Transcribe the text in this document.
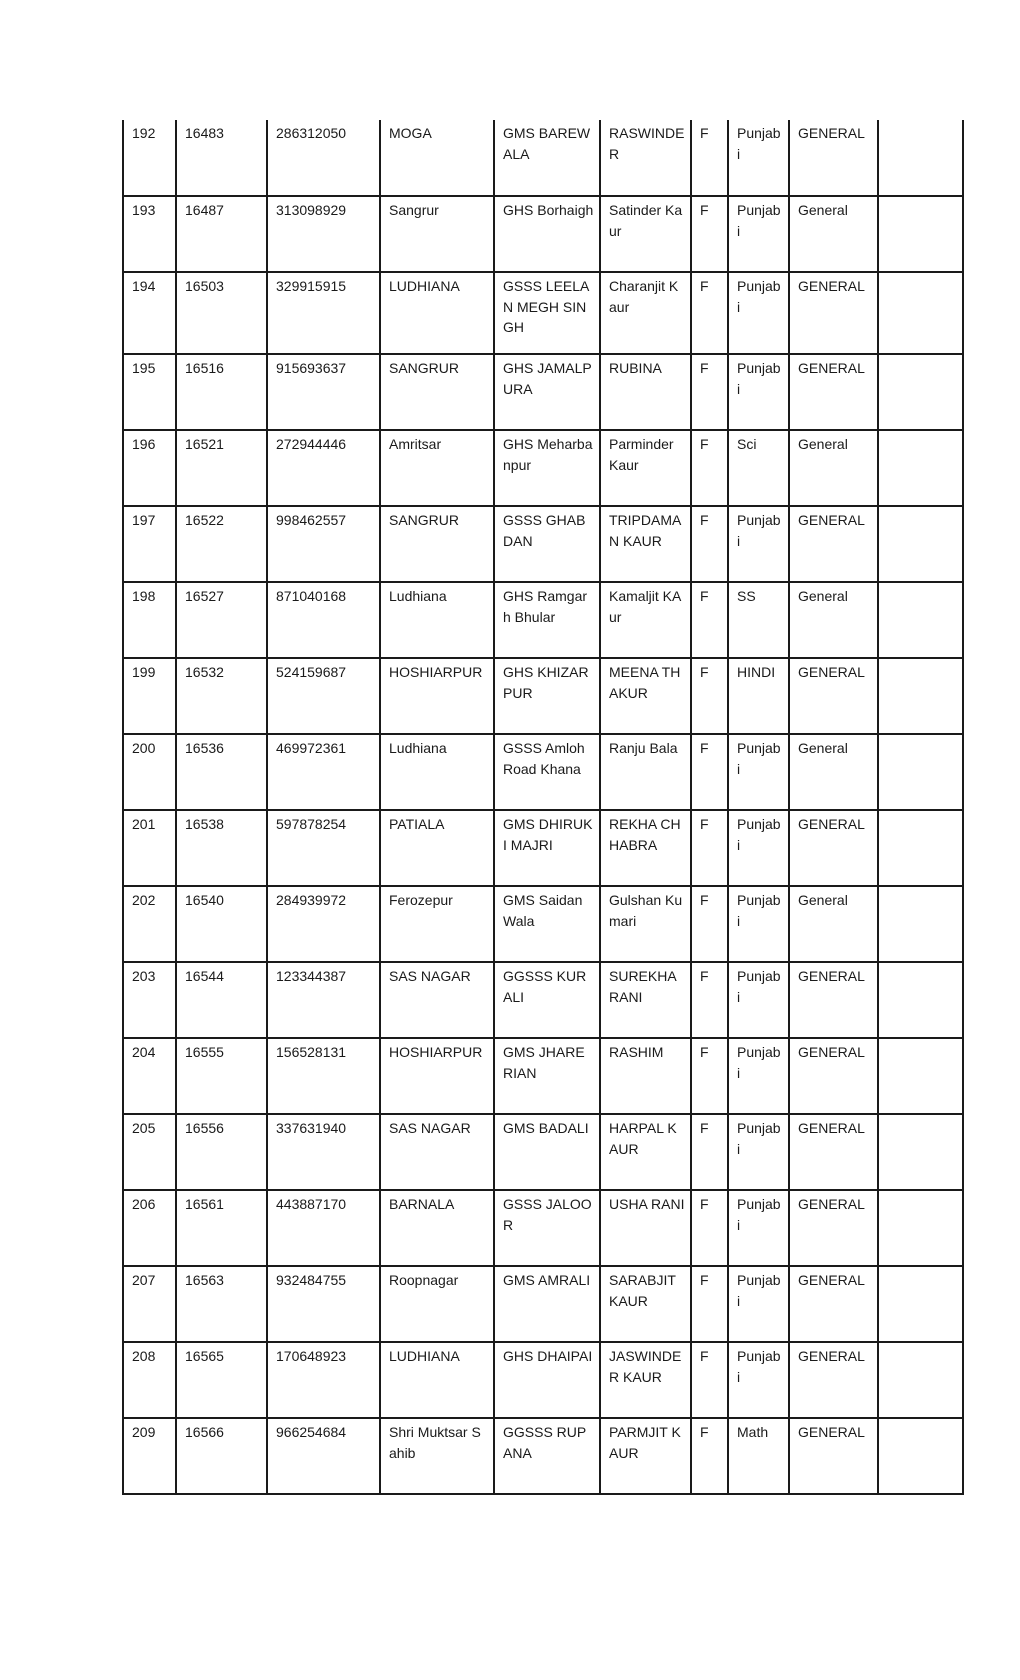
192	16483	286312050	MOGA	GMS BAREWALA	RASWINDER	F	Punjabi	GENERAL	
193	16487	313098929	Sangrur	GHS Borhaigh	Satinder Kaur	F	Punjabi	General	
194	16503	329915915	LUDHIANA	GSSS LEELAN MEGH SINGH	Charanjit Kaur	F	Punjabi	GENERAL	
195	16516	915693637	SANGRUR	GHS JAMALPURA	RUBINA	F	Punjabi	GENERAL	
196	16521	272944446	Amritsar	GHS Meharbanpur	Parminder Kaur	F	Sci	General	
197	16522	998462557	SANGRUR	GSSS GHABDAN	TRIPDAMAN KAUR	F	Punjabi	GENERAL	
198	16527	871040168	Ludhiana	GHS Ramgarh Bhular	Kamaljit KAur	F	SS	General	
199	16532	524159687	HOSHIARPUR	GHS KHIZARPUR	MEENA THAKUR	F	HINDI	GENERAL	
200	16536	469972361	Ludhiana	GSSS Amloh Road Khana	Ranju Bala	F	Punjabi	General	
201	16538	597878254	PATIALA	GMS DHIRUKI MAJRI	REKHA CHHABRA	F	Punjabi	GENERAL	
202	16540	284939972	Ferozepur	GMS Saidan Wala	Gulshan Kumari	F	Punjabi	General	
203	16544	123344387	SAS NAGAR	GGSSS KURALI	SUREKHA RANI	F	Punjabi	GENERAL	
204	16555	156528131	HOSHIARPUR	GMS JHARERIAN	RASHIM	F	Punjabi	GENERAL	
205	16556	337631940	SAS NAGAR	GMS BADALI	HARPAL KAUR	F	Punjabi	GENERAL	
206	16561	443887170	BARNALA	GSSS JALOOR	USHA RANI	F	Punjabi	GENERAL	
207	16563	932484755	Roopnagar	GMS AMRALI	SARABJIT KAUR	F	Punjabi	GENERAL	
208	16565	170648923	LUDHIANA	GHS DHAIPAI	JASWINDER KAUR	F	Punjabi	GENERAL	
209	16566	966254684	Shri Muktsar Sahib	GGSSS RUPANA	PARMJIT KAUR	F	Math	GENERAL	
